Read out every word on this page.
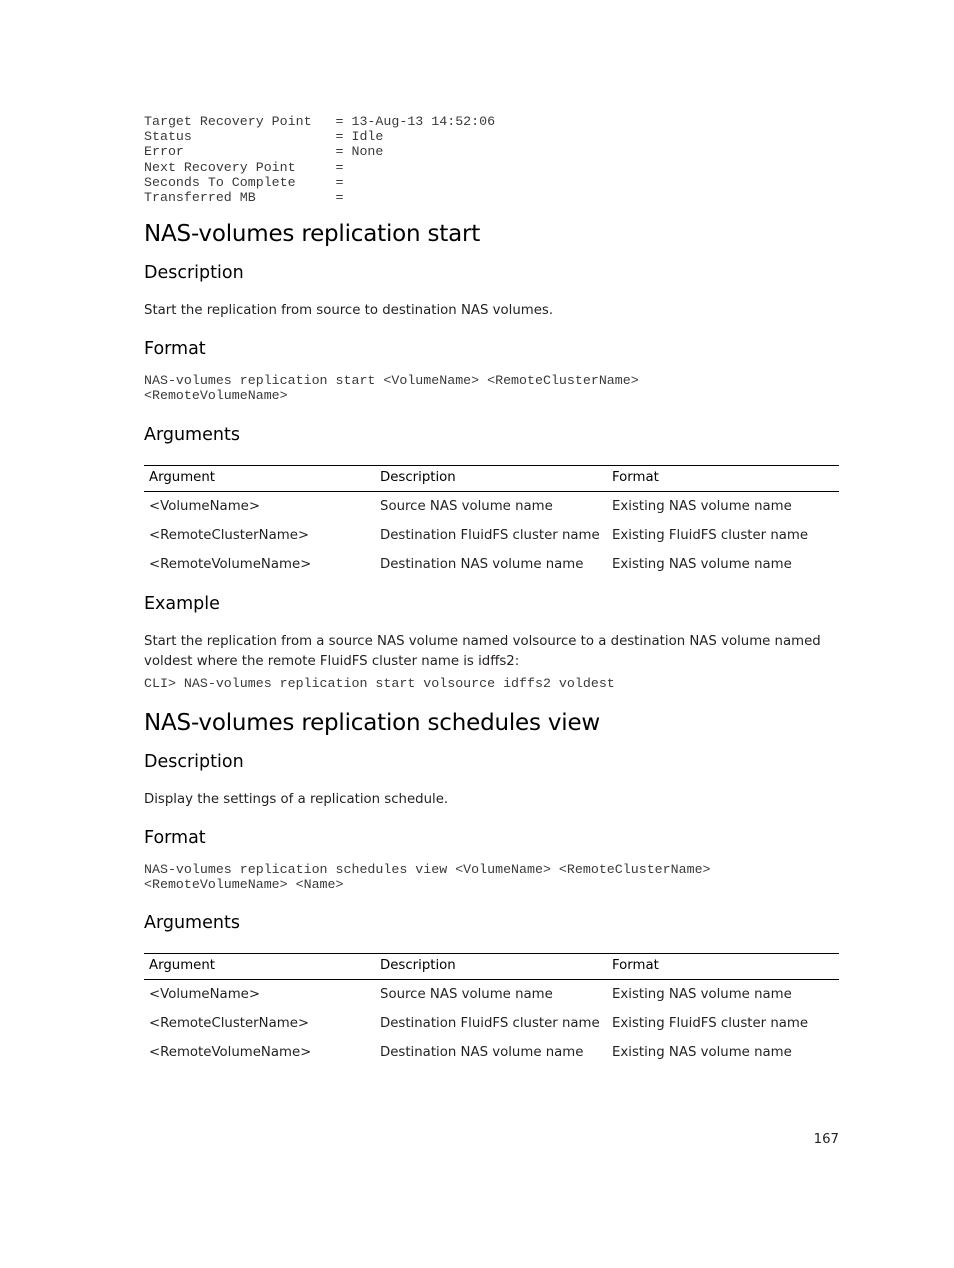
Target Recovery Point   = 13-Aug-13 14:52:06
Status                  = Idle
Error                   = None
Next Recovery Point     =
Seconds To Complete     =
Transferred MB          =
NAS-volumes replication start
Description

Start the replication from source to destination NAS volumes.

Format
NAS-volumes replication start <VolumeName> <RemoteClusterName>
<RemoteVolumeName>
Arguments
Argument	Description	Format
<VolumeName>	Source NAS volume name	Existing NAS volume name
<RemoteClusterName>	Destination FluidFS cluster name	Existing FluidFS cluster name
<RemoteVolumeName>	Destination NAS volume name	Existing NAS volume name
Example

Start the replication from a source NAS volume named volsource to a destination NAS volume named voldest where the remote FluidFS cluster name is idffs2:

CLI> NAS-volumes replication start volsource idffs2 voldest
NAS-volumes replication schedules view
Description

Display the settings of a replication schedule.

Format
NAS-volumes replication schedules view <VolumeName> <RemoteClusterName>
<RemoteVolumeName> <Name>
Arguments
Argument	Description	Format
<VolumeName>	Source NAS volume name	Existing NAS volume name
<RemoteClusterName>	Destination FluidFS cluster name	Existing FluidFS cluster name
<RemoteVolumeName>	Destination NAS volume name	Existing NAS volume name
167
